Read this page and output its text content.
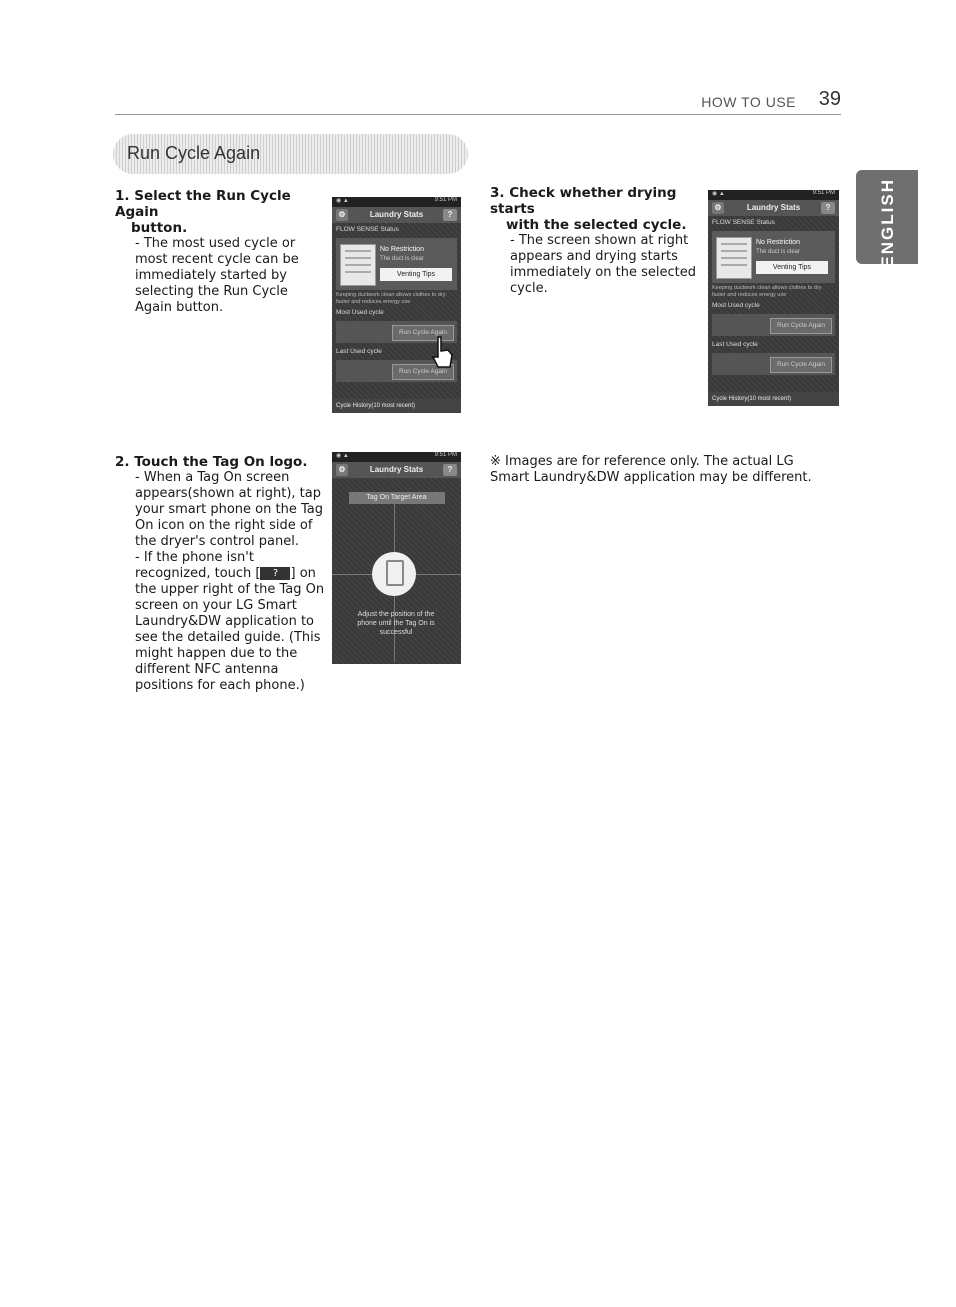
HOW TO USE 39
Run Cycle Again
ENGLISH
1. Select the Run Cycle Again
button.

- The most used cycle or most recent cycle can be immediately started by selecting the Run Cycle Again button.

◉ ▲	9:51 PM
⚙	Laundry Stats	?
FLOW SENSE Status
No Restriction
The duct is clear
Venting Tips
Keeping ductwork clean allows clothes to dry faster and reduces energy use
Most Used cycle
Run Cycle Again
Last Used cycle
Run Cycle Again
Cycle History(10 most recent)
2. Touch the Tag On logo.

- When a Tag On screen appears(shown at right), tap your smart phone on the Tag On icon on the right side of the dryer's control panel.

- If the phone isn't recognized, touch [ ? ] on the upper right of the Tag On screen on your LG Smart Laundry&DW application to see the detailed guide. (This might happen due to the different NFC antenna positions for each phone.)

◉ ▲	9:51 PM
⚙	Laundry Stats	?
Tag On Target Area
Adjust the position of the phone until the Tag On is successful
3. Check whether drying starts
with the selected cycle.

- The screen shown at right appears and drying starts immediately on the selected cycle.

◉ ▲	9:51 PM
⚙	Laundry Stats	?
FLOW SENSE Status
No Restriction
The duct is clear
Venting Tips
Keeping ductwork clean allows clothes to dry faster and reduces energy use
Most Used cycle
Run Cycle Again
Last Used cycle
Run Cycle Again
Cycle History(10 most recent)
※ Images are for reference only. The actual LG Smart Laundry&DW application may be different.
